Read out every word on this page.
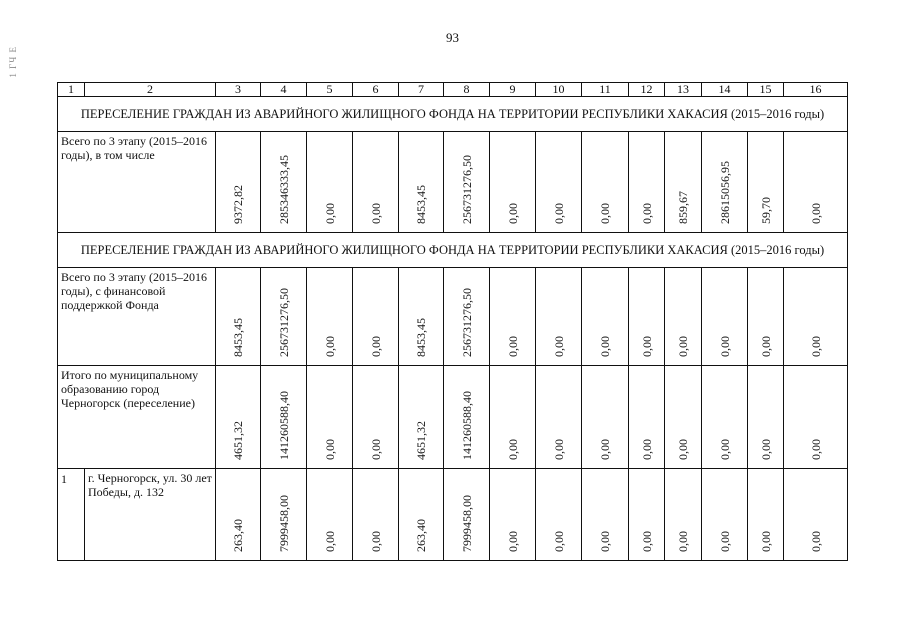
93
1 ГЧ Е
1	2	3	4	5	6	7	8	9	10	11	12	13	14	15	16
ПЕРЕСЕЛЕНИЕ ГРАЖДАН ИЗ АВАРИЙНОГО ЖИЛИЩНОГО ФОНДА НА ТЕРРИТОРИИ РЕСПУБЛИКИ ХАКАСИЯ (2015–2016 годы)															
Всего по 3 этапу (2015–2016 годы), в том числе		9372,82	285346333,45	0,00	0,00	8453,45	256731276,50	0,00	0,00	0,00	0,00	859,67	28615056,95	59,70	0,00

ПЕРЕСЕЛЕНИЕ ГРАЖДАН ИЗ АВАРИЙНОГО ЖИЛИЩНОГО ФОНДА НА ТЕРРИТОРИИ РЕСПУБЛИКИ ХАКАСИЯ (2015–2016 годы)															
Всего по 3 этапу (2015–2016 годы), с финансовой поддержкой Фонда		8453,45	256731276,50	0,00	0,00	8453,45	256731276,50	0,00	0,00	0,00	0,00	0,00	0,00	0,00	0,00

Итого по муниципальному образованию город Черногорск (переселение)		4651,32	141260588,40	0,00	0,00	4651,32	141260588,40	0,00	0,00	0,00	0,00	0,00	0,00	0,00	0,00

1	г. Черногорск, ул. 30 лет Победы, д. 132	263,40	7999458,00	0,00	0,00	263,40	7999458,00	0,00	0,00	0,00	0,00	0,00	0,00	0,00	0,00
